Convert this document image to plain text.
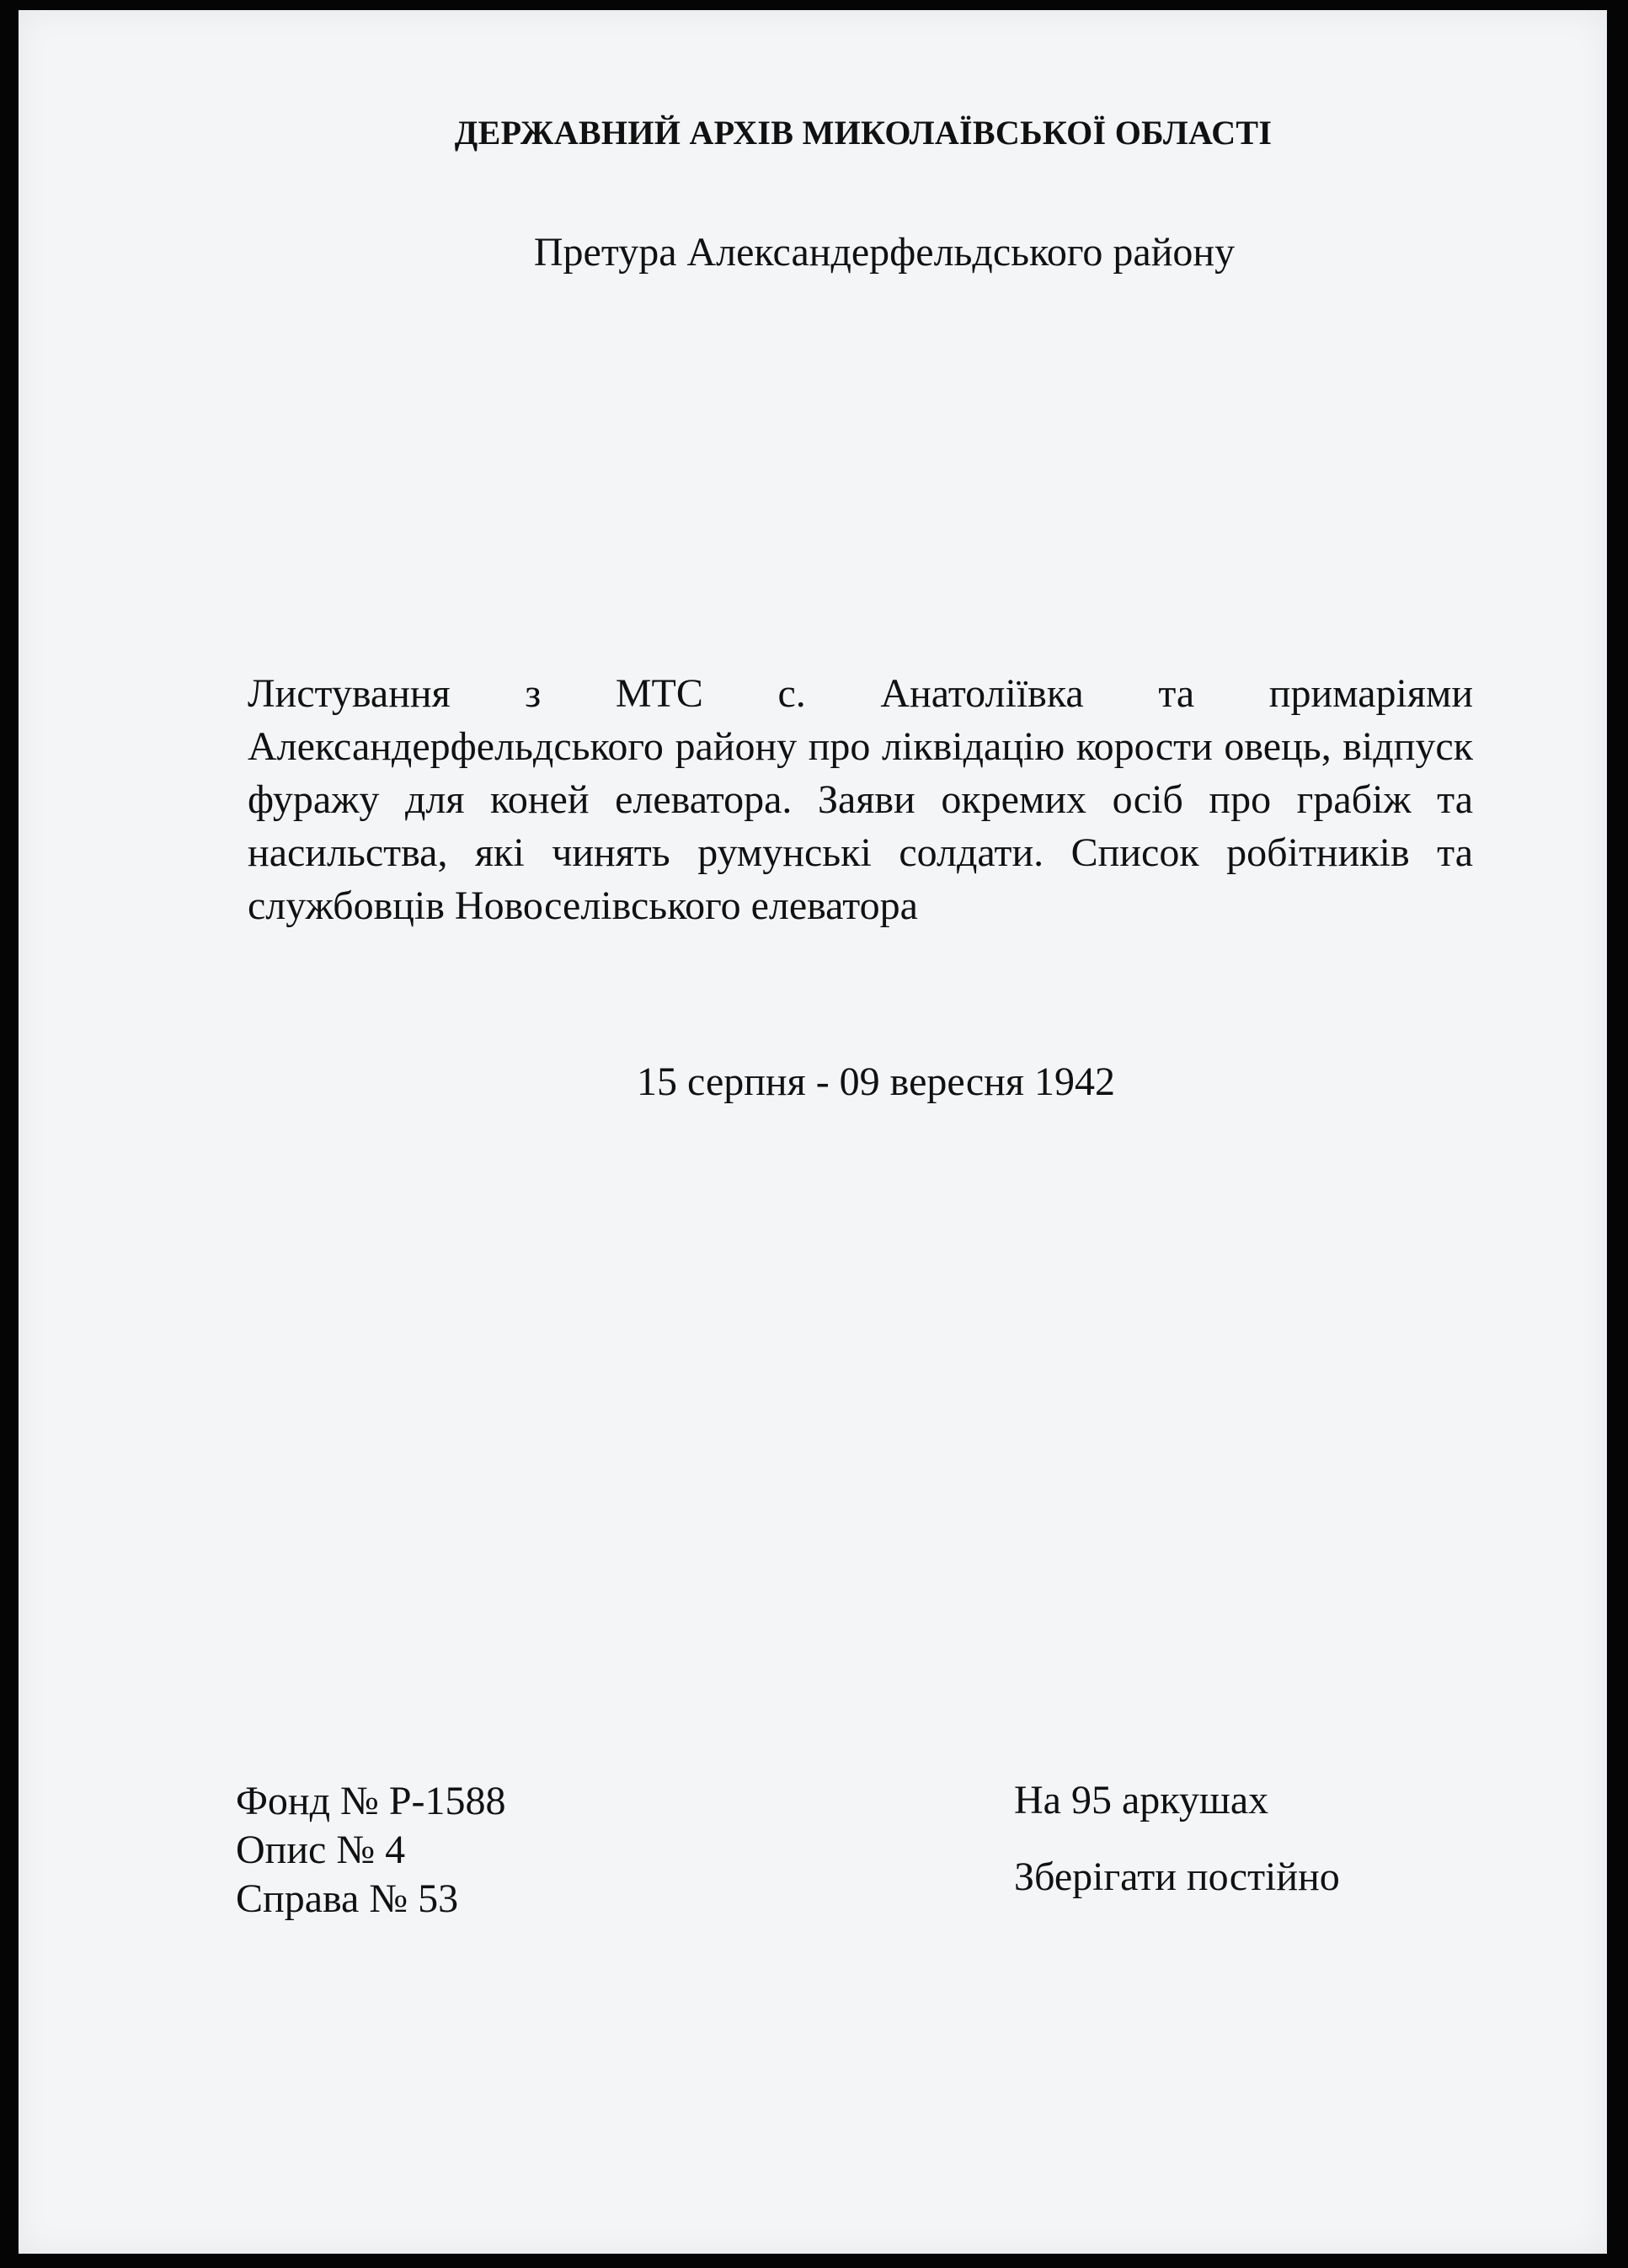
ДЕРЖАВНИЙ АРХІВ МИКОЛАЇВСЬКОЇ ОБЛАСТІ
Претура Александерфельдського району
Листування з МТС с. Анатоліївка та примаріями Александерфельдського району про ліквідацію корости овець, відпуск фуражу для коней елеватора. Заяви окремих осіб про грабіж та насильства, які чинять румунські солдати. Список робітників та службовців Новоселівського елеватора
15 серпня - 09 вересня 1942
Фонд № Р-1588
Опис № 4
Справа № 53
На 95 аркушах
Зберігати постійно
